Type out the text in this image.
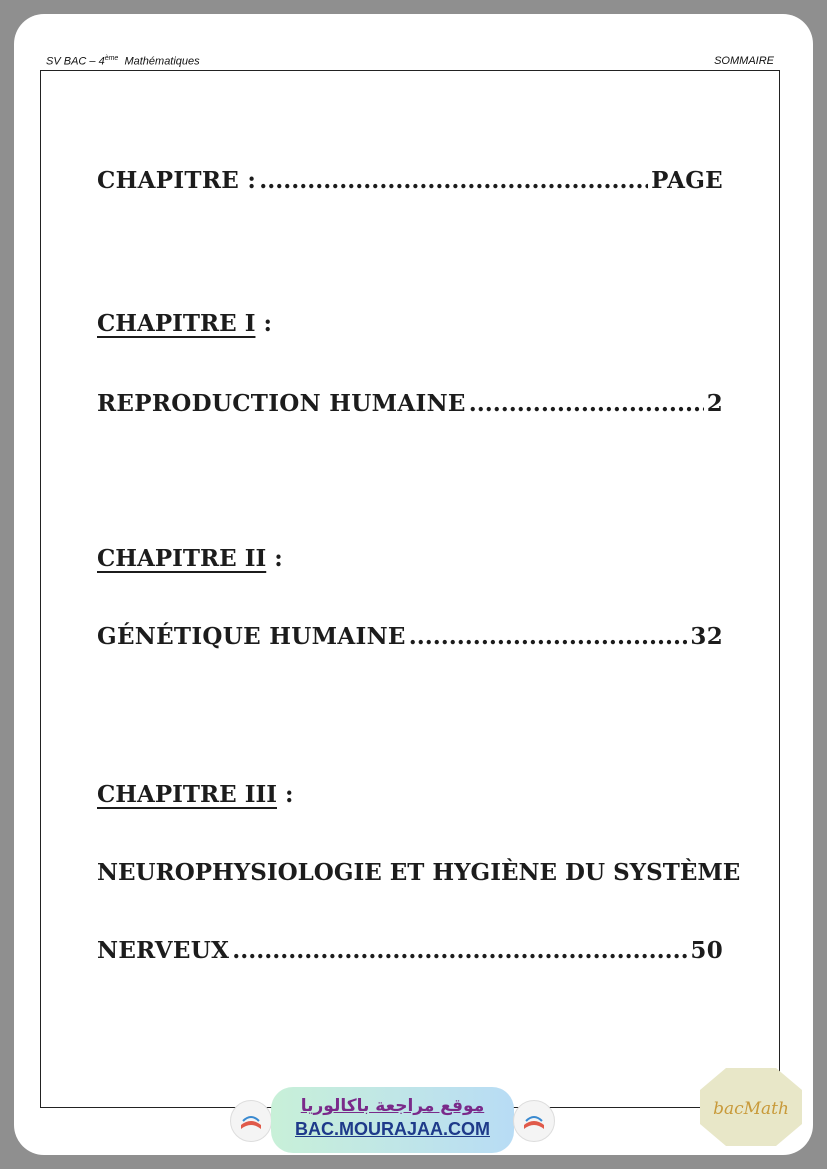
SV BAC – 4ème Mathématiques	SOMMAIRE
CHAPITRE : .....	PAGE
CHAPITRE I :
REPRODUCTION HUMAINE .....	2
CHAPITRE II :
GÉNÉTIQUE HUMAINE .....	32
CHAPITRE III :
NEUROPHYSIOLOGIE ET HYGIÈNE DU SYSTÈME
NERVEUX .....	50
موقع مراجعة باكالوريا
BAC.MOURAJAA.COM
bacMath
